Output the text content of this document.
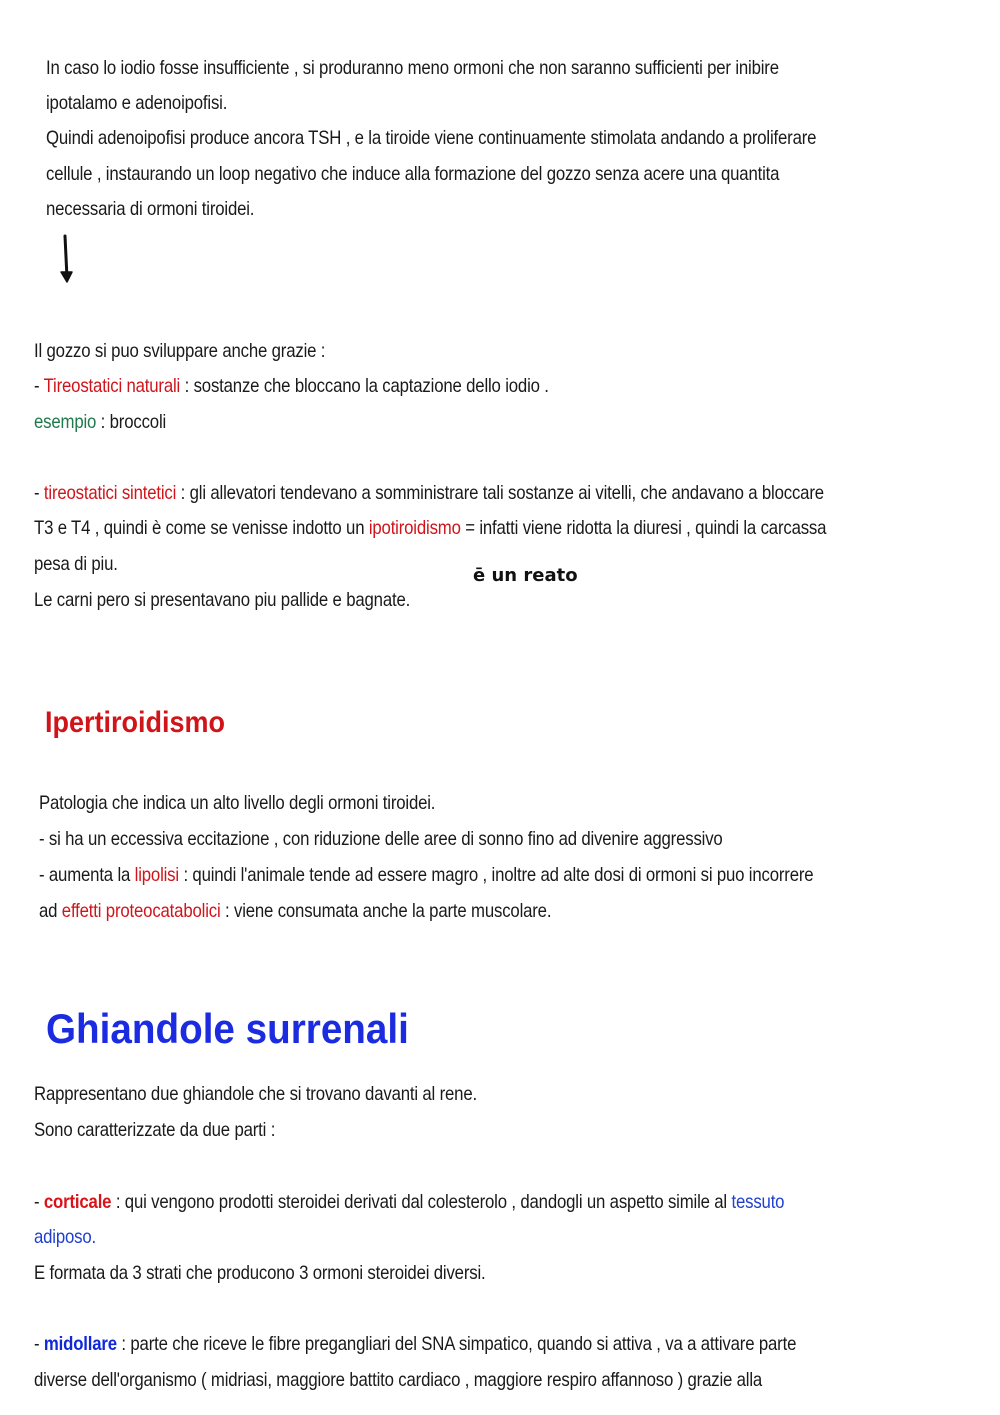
In caso lo iodio fosse insufficiente , si produranno meno ormoni che non saranno sufficienti per inibire
ipotalamo e adenoipofisi.
Quindi adenoipofisi produce ancora TSH , e la tiroide viene continuamente stimolata andando a proliferare
cellule , instaurando un loop negativo che induce alla formazione del gozzo senza acere una quantita
necessaria di ormoni tiroidei.
Il gozzo si puo sviluppare anche grazie :
- Tireostatici naturali : sostanze che bloccano la captazione dello iodio .
esempio : broccoli
- tireostatici sintetici : gli allevatori tendevano a somministrare tali sostanze ai vitelli, che andavano a bloccare
T3 e T4 , quindi è come se venisse indotto un ipotiroidismo = infatti viene ridotta la diuresi , quindi la carcassa
pesa di piu.
Le carni pero si presentavano piu pallide e bagnate.
ē un reato
Ipertiroidismo
Patologia che indica un alto livello degli ormoni tiroidei.
- si ha un eccessiva eccitazione , con riduzione delle aree di sonno fino ad divenire aggressivo
- aumenta la lipolisi : quindi l'animale tende ad essere magro , inoltre ad alte dosi di ormoni si puo incorrere
ad effetti proteocatabolici : viene consumata anche la parte muscolare.
Ghiandole surrenali
Rappresentano due ghiandole che si trovano davanti al rene.
Sono caratterizzate da due parti :
- corticale : qui vengono prodotti steroidei derivati dal colesterolo , dandogli un aspetto simile al tessuto
adiposo.
E formata da 3 strati che producono 3 ormoni steroidei diversi.
- midollare : parte che riceve le fibre pregangliari del SNA simpatico, quando si attiva , va a attivare parte
diverse dell'organismo ( midriasi, maggiore battito cardiaco , maggiore respiro affannoso ) grazie alla
